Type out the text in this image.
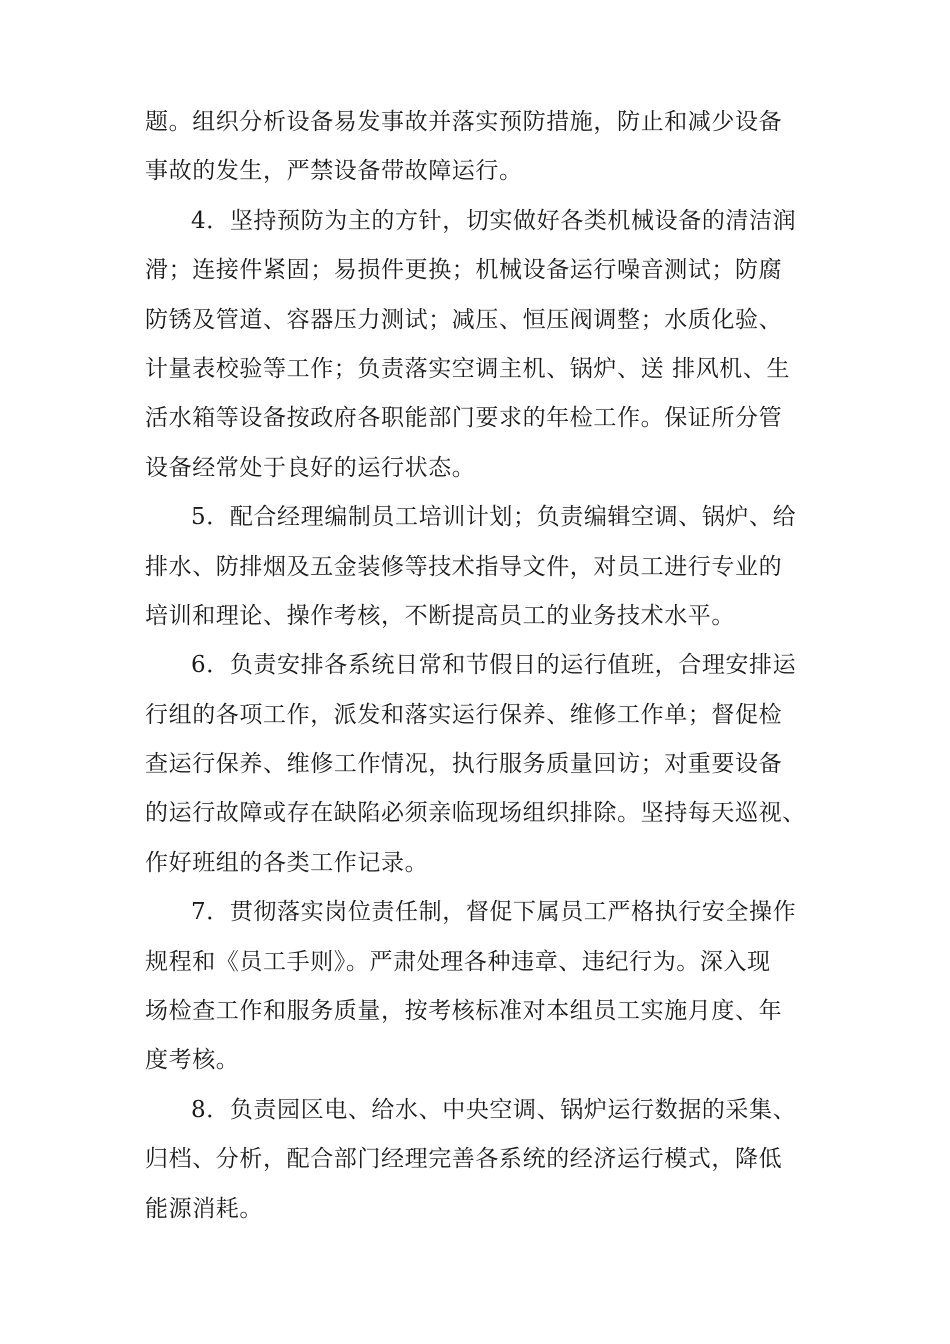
题。组织分析设备易发事故并落实预防措施，防止和减少设备
事故的发生，严禁设备带故障运行。
4．坚持预防为主的方针，切实做好各类机械设备的清洁润
滑；连接件紧固；易损件更换；机械设备运行噪音测试；防腐
防锈及管道、容器压力测试；减压、恒压阀调整；水质化验、
计量表校验等工作；负责落实空调主机、锅炉、送 排风机、生
活水箱等设备按政府各职能部门要求的年检工作。保证所分管
设备经常处于良好的运行状态。
5．配合经理编制员工培训计划；负责编辑空调、锅炉、给
排水、防排烟及五金装修等技术指导文件，对员工进行专业的
培训和理论、操作考核，不断提高员工的业务技术水平。
6．负责安排各系统日常和节假日的运行值班，合理安排运
行组的各项工作，派发和落实运行保养、维修工作单；督促检
查运行保养、维修工作情况，执行服务质量回访；对重要设备
的运行故障或存在缺陷必须亲临现场组织排除。坚持每天巡视、
作好班组的各类工作记录。
7．贯彻落实岗位责任制，督促下属员工严格执行安全操作
规程和《员工手则》。严肃处理各种违章、违纪行为。深入现
场检查工作和服务质量，按考核标准对本组员工实施月度、年
度考核。
8．负责园区电、给水、中央空调、锅炉运行数据的采集、
归档、分析，配合部门经理完善各系统的经济运行模式，降低
能源消耗。
